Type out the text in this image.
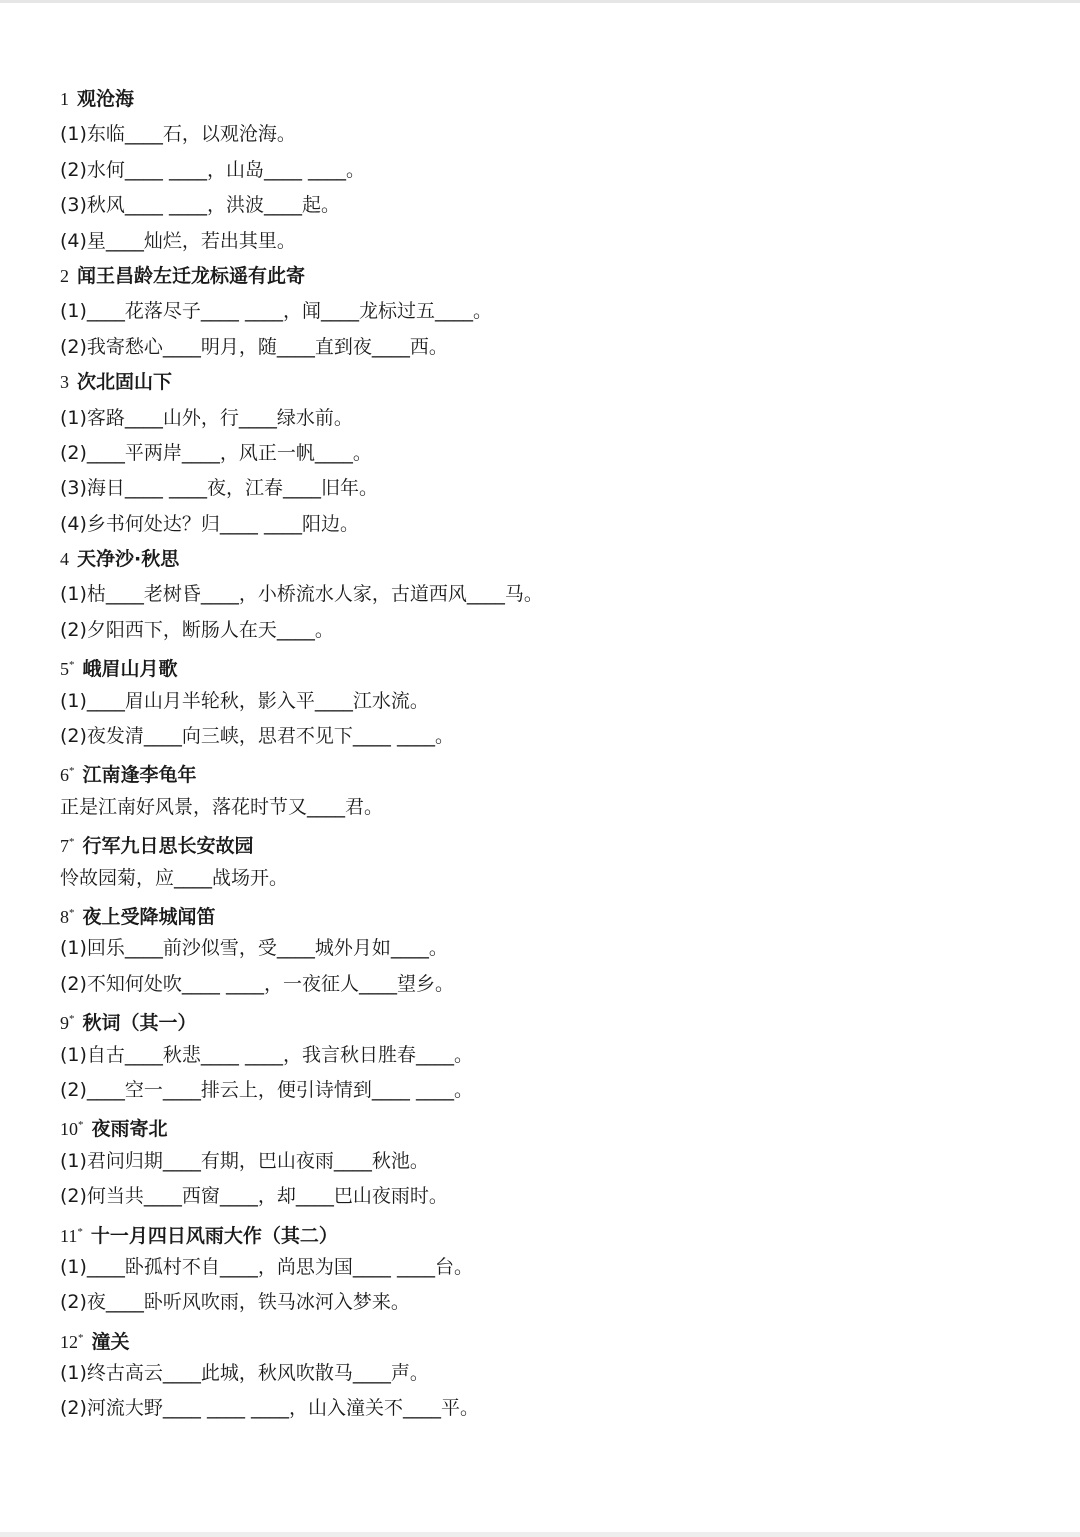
1 观沧海
(1)东临____石，以观沧海。
(2)水何____ ____，山岛____ ____。
(3)秋风____ ____，洪波____起。
(4)星____灿烂，若出其里。
2 闻王昌龄左迁龙标遥有此寄
(1)____花落尽子____ ____，闻____龙标过五____。
(2)我寄愁心____明月，随____直到夜____西。
3 次北固山下
(1)客路____山外，行____绿水前。
(2)____平两岸____，风正一帆____。
(3)海日____ ____夜，江春____旧年。
(4)乡书何处达？归____ ____阳边。
4 天净沙·秋思
(1)枯____老树昏____，小桥流水人家，古道西风____马。
(2)夕阳西下，断肠人在天____。
5* 峨眉山月歌
(1)____眉山月半轮秋，影入平____江水流。
(2)夜发清____向三峡，思君不见下____ ____。
6* 江南逢李龟年
正是江南好风景，落花时节又____君。
7* 行军九日思长安故园
怜故园菊，应____战场开。
8* 夜上受降城闻笛
(1)回乐____前沙似雪，受____城外月如____。
(2)不知何处吹____ ____，一夜征人____望乡。
9* 秋词（其一）
(1)自古____秋悲____ ____，我言秋日胜春____。
(2)____空一____排云上，便引诗情到____ ____。
10* 夜雨寄北
(1)君问归期____有期，巴山夜雨____秋池。
(2)何当共____西窗____，却____巴山夜雨时。
11* 十一月四日风雨大作（其二）
(1)____卧孤村不自____，尚思为国____ ____台。
(2)夜____卧听风吹雨，铁马冰河入梦来。
12* 潼关
(1)终古高云____此城，秋风吹散马____声。
(2)河流大野____ ____ ____，山入潼关不____平。
